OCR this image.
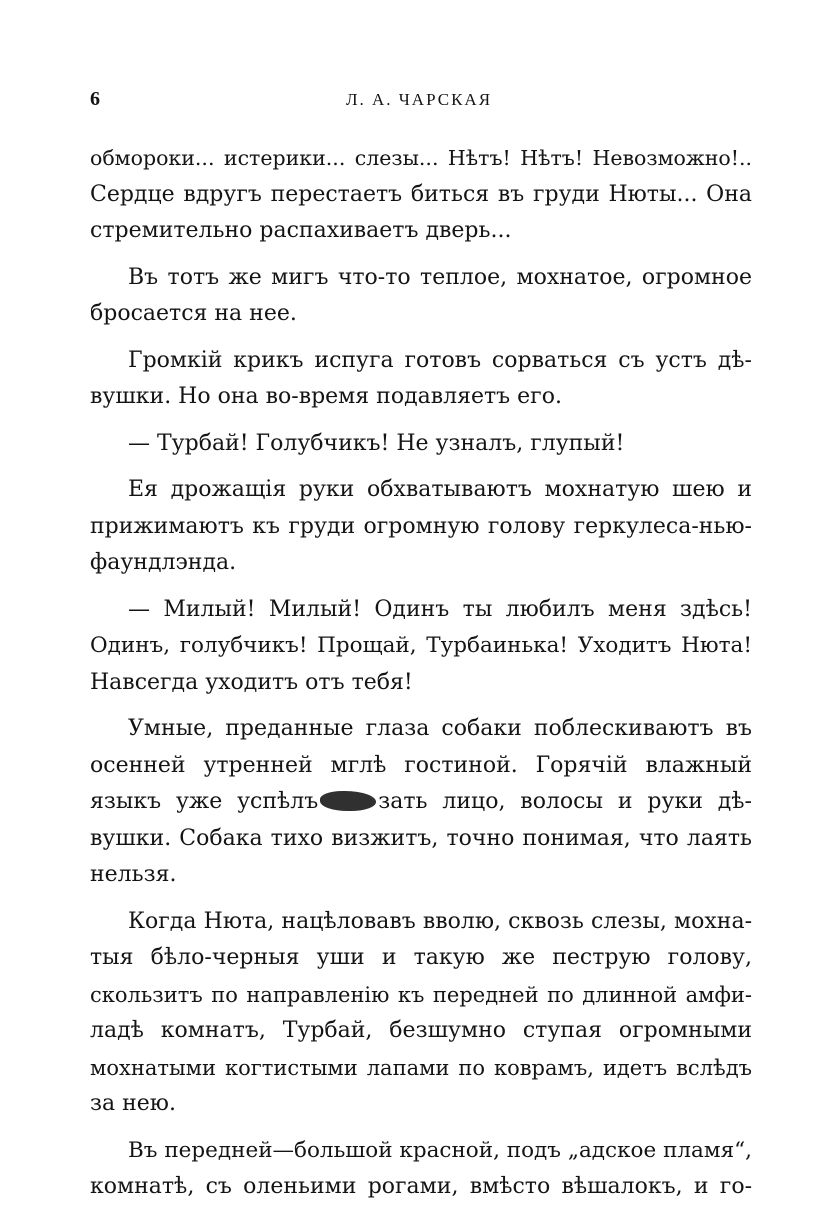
6	Л. А. ЧАРСКАЯ
обмороки... истерики... слезы... Нѣтъ! Нѣтъ! Невозможно!..
Сердце вдругъ перестаетъ биться въ груди Нюты... Она
стремительно распахиваетъ дверь...
Въ тотъ же мигъ что-то теплое, мохнатое, огромное
бросается на нее.
Громкій крикъ испуга готовъ сорваться съ устъ дѣ-
вушки. Но она во-время подавляетъ его.
— Турбай! Голубчикъ! Не узналъ, глупый!
Ея дрожащія руки обхватываютъ мохнатую шею и
прижимаютъ къ груди огромную голову геркулеса-нью-
фаундлэнда.
— Милый! Милый! Одинъ ты любилъ меня здѣсь!
Одинъ, голубчикъ! Прощай, Турбаинька! Уходитъ Нюта!
Навсегда уходитъ отъ тебя!
Умные, преданные глаза собаки поблескиваютъ въ
осенней утренней мглѣ гостиной. Горячій влажный
языкъ уже успѣлъ	зать лицо, волосы и руки дѣ-
вушки. Собака тихо визжитъ, точно понимая, что лаять
нельзя.
Когда Нюта, нацѣловавъ вволю, сквозь слезы, мохна-
тыя бѣло-черныя уши и такую же пеструю голову,
скользитъ по направленію къ передней по длинной амфи-
ладѣ комнатъ, Турбай, безшумно ступая огромными
мохнатыми когтистыми лапами по коврамъ, идетъ вслѣдъ
за нею.
Въ передней—большой красной, подъ „адское пламя“,
комнатѣ, съ оленьими рогами, вмѣсто вѣшалокъ, и го-
